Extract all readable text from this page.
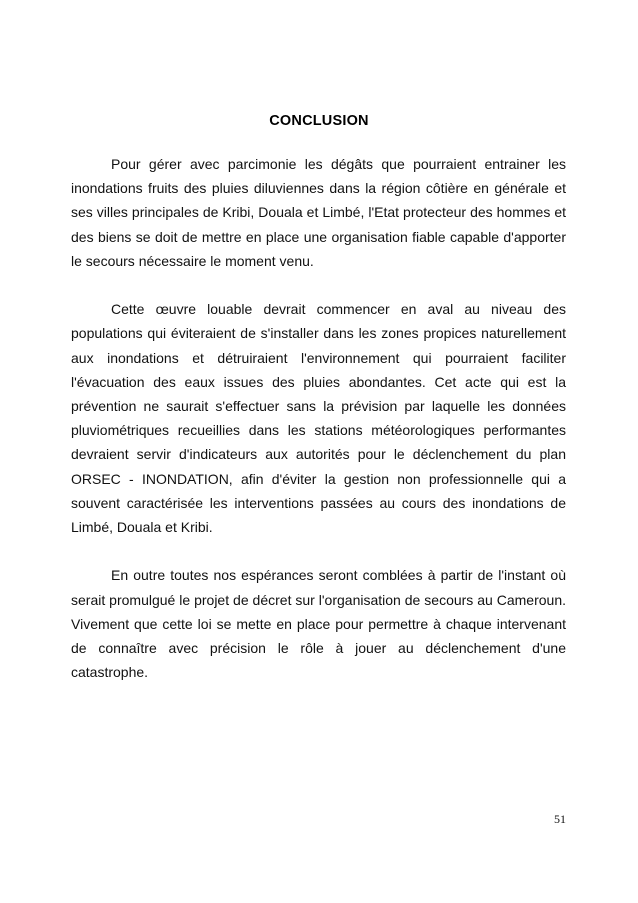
CONCLUSION

Pour gérer avec parcimonie les dégâts que pourraient entrainer les inondations fruits des pluies diluviennes dans la région côtière en générale et ses villes principales de Kribi, Douala et Limbé, l'Etat protecteur des hommes et des biens se doit de mettre en place une organisation fiable capable d'apporter le secours nécessaire le moment venu.

Cette œuvre louable devrait commencer en aval au niveau des populations qui éviteraient de s'installer dans les zones propices naturellement aux inondations et détruiraient l'environnement qui pourraient faciliter l'évacuation des eaux issues des pluies abondantes. Cet acte qui est la prévention ne saurait s'effectuer sans la prévision par laquelle les données pluviométriques recueillies dans les stations météorologiques performantes devraient servir d'indicateurs aux autorités pour le déclenchement du plan ORSEC - INONDATION, afin d'éviter la gestion non professionnelle qui a souvent caractérisée les interventions passées au cours des inondations de Limbé, Douala et Kribi.

En outre toutes nos espérances seront comblées à partir de l'instant où serait promulgué le projet de décret sur l'organisation de secours au Cameroun. Vivement que cette loi se mette en place pour permettre à chaque intervenant de connaître avec précision le rôle à jouer au déclenchement d'une catastrophe.

51
